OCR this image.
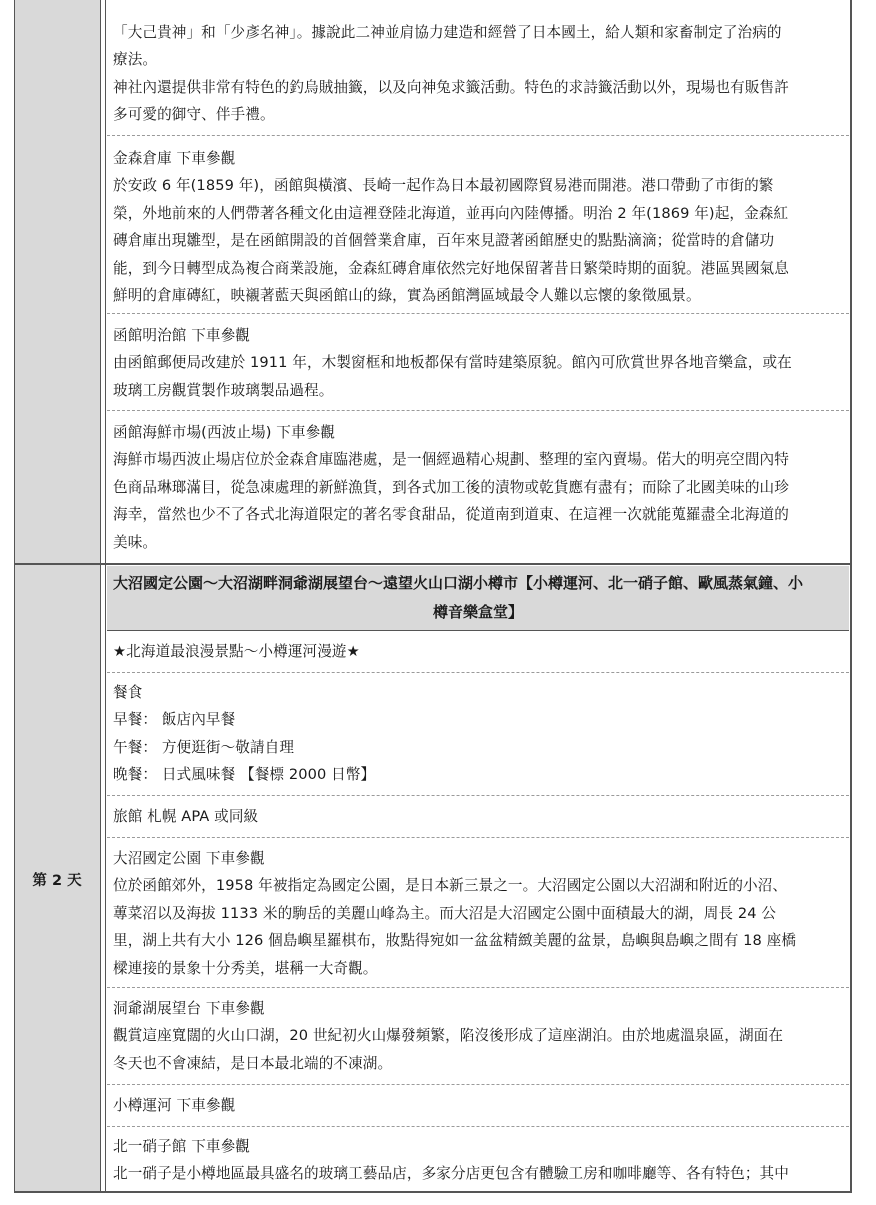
第 2 天

「大己貴神」和「少彥名神」。據說此二神並肩協力建造和經營了日本國土，給人類和家畜制定了治病的

療法。

神社內還提供非常有特色的釣烏賊抽籤，以及向神兔求籤活動。特色的求詩籤活動以外，現場也有販售許

多可愛的御守、伴手禮。

金森倉庫 下車參觀

於安政 6 年(1859 年)，函館與橫濱、長崎一起作為日本最初國際貿易港而開港。港口帶動了市街的繁

榮，外地前來的人們帶著各種文化由這裡登陸北海道，並再向內陸傳播。明治 2 年(1869 年)起，金森紅

磚倉庫出現雛型，是在函館開設的首個營業倉庫，百年來見證著函館歷史的點點滴滴；從當時的倉儲功

能，到今日轉型成為複合商業設施，金森紅磚倉庫依然完好地保留著昔日繁榮時期的面貌。港區異國氣息

鮮明的倉庫磚紅，映襯著藍天與函館山的綠，實為函館灣區域最令人難以忘懷的象徵風景。

函館明治館 下車參觀

由函館郵便局改建於 1911 年，木製窗框和地板都保有當時建築原貌。館內可欣賞世界各地音樂盒，或在

玻璃工房觀賞製作玻璃製品過程。

函館海鮮市場(西波止場) 下車參觀

海鮮市場西波止場店位於金森倉庫臨港處，是一個經過精心規劃、整理的室內賣場。偌大的明亮空間內特

色商品琳瑯滿目，從急凍處理的新鮮漁貨，到各式加工後的漬物或乾貨應有盡有；而除了北國美味的山珍

海幸，當然也少不了各式北海道限定的著名零食甜品，從道南到道東、在這裡一次就能蒐羅盡全北海道的

美味。

大沼國定公園～大沼湖畔洞爺湖展望台～遠望火山口湖小樽市【小樽運河、北一硝子館、歐風蒸氣鐘、小
樽音樂盒堂】

★北海道最浪漫景點～小樽運河漫遊★

餐食

早餐： 飯店內早餐

午餐： 方便逛街～敬請自理

晚餐： 日式風味餐 【餐標 2000 日幣】

旅館 札幌 APA 或同級

大沼國定公園 下車參觀

位於函館郊外，1958 年被指定為國定公園，是日本新三景之一。大沼國定公園以大沼湖和附近的小沼、

蓴菜沼以及海拔 1133 米的駒岳的美麗山峰為主。而大沼是大沼國定公園中面積最大的湖，周長 24 公

里，湖上共有大小 126 個島嶼星羅棋布，妝點得宛如一盆盆精緻美麗的盆景，島嶼與島嶼之間有 18 座橋

樑連接的景象十分秀美，堪稱一大奇觀。

洞爺湖展望台 下車參觀

觀賞這座寬闊的火山口湖，20 世紀初火山爆發頻繁，陷沒後形成了這座湖泊。由於地處溫泉區，湖面在

冬天也不會凍結，是日本最北端的不凍湖。

小樽運河 下車參觀

北一硝子館 下車參觀

北一硝子是小樽地區最具盛名的玻璃工藝品店，多家分店更包含有體驗工房和咖啡廳等、各有特色；其中
